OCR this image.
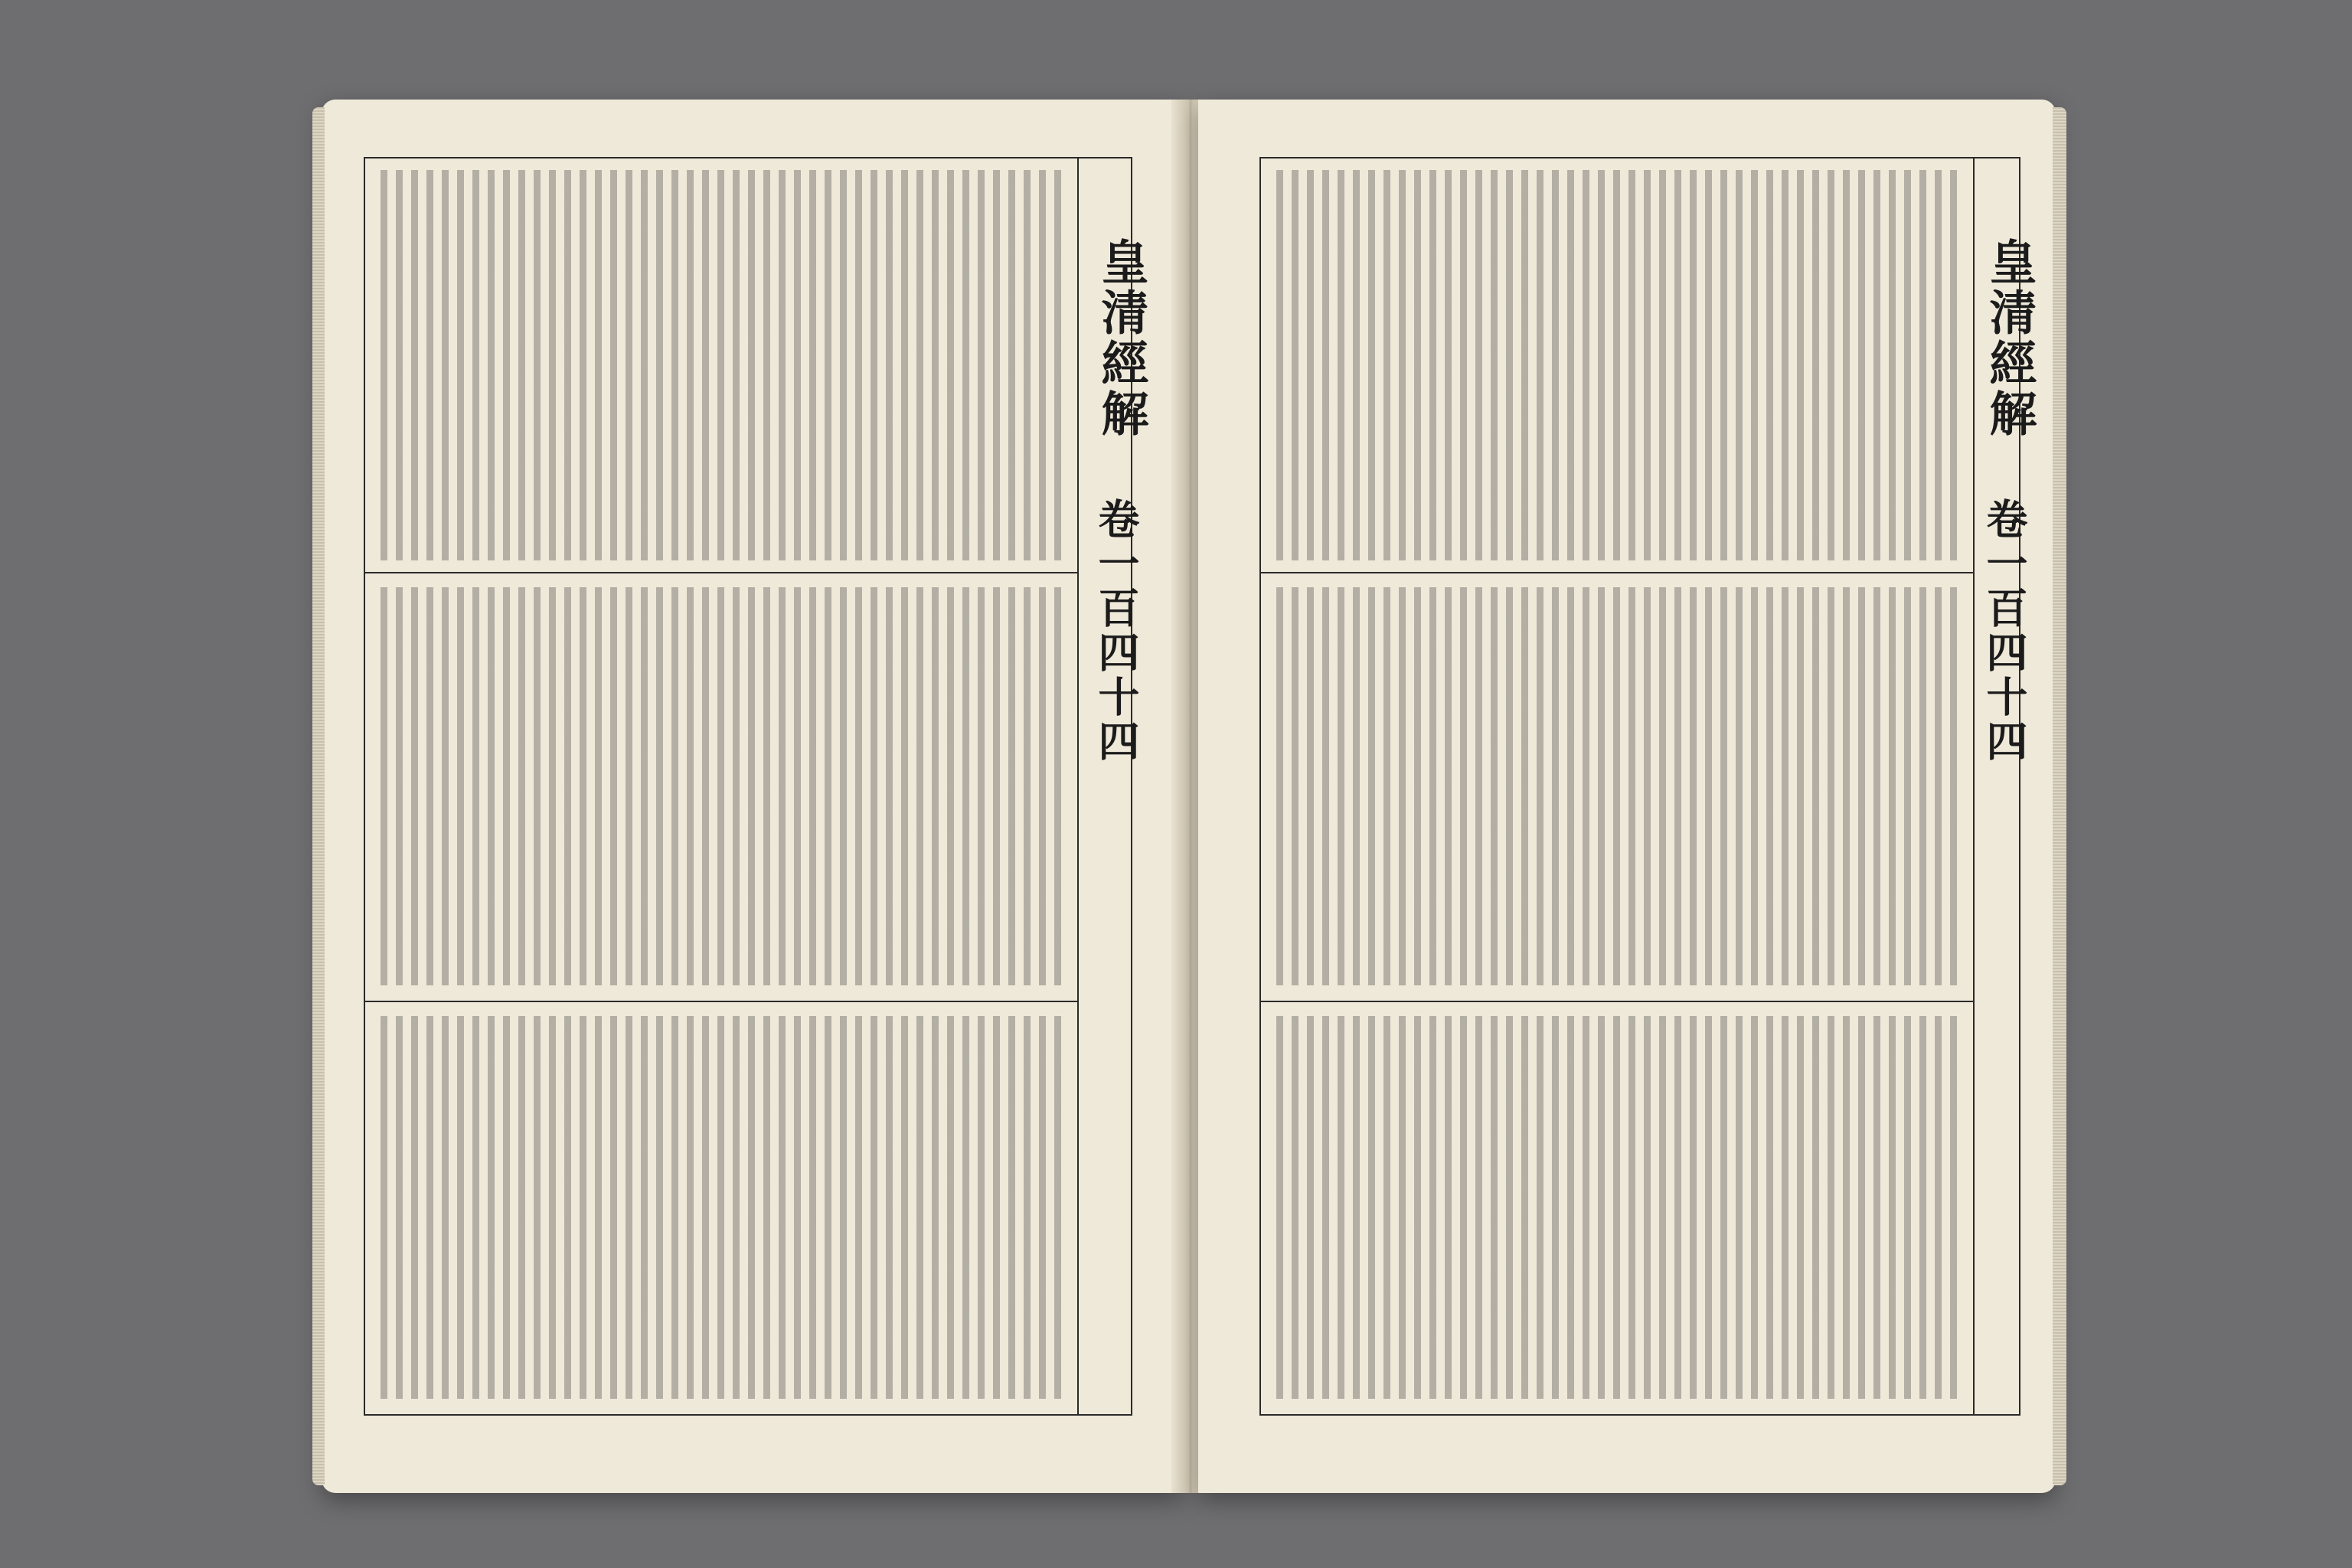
皇清經解
卷一百四十四
皇清經解
卷一百四十四
